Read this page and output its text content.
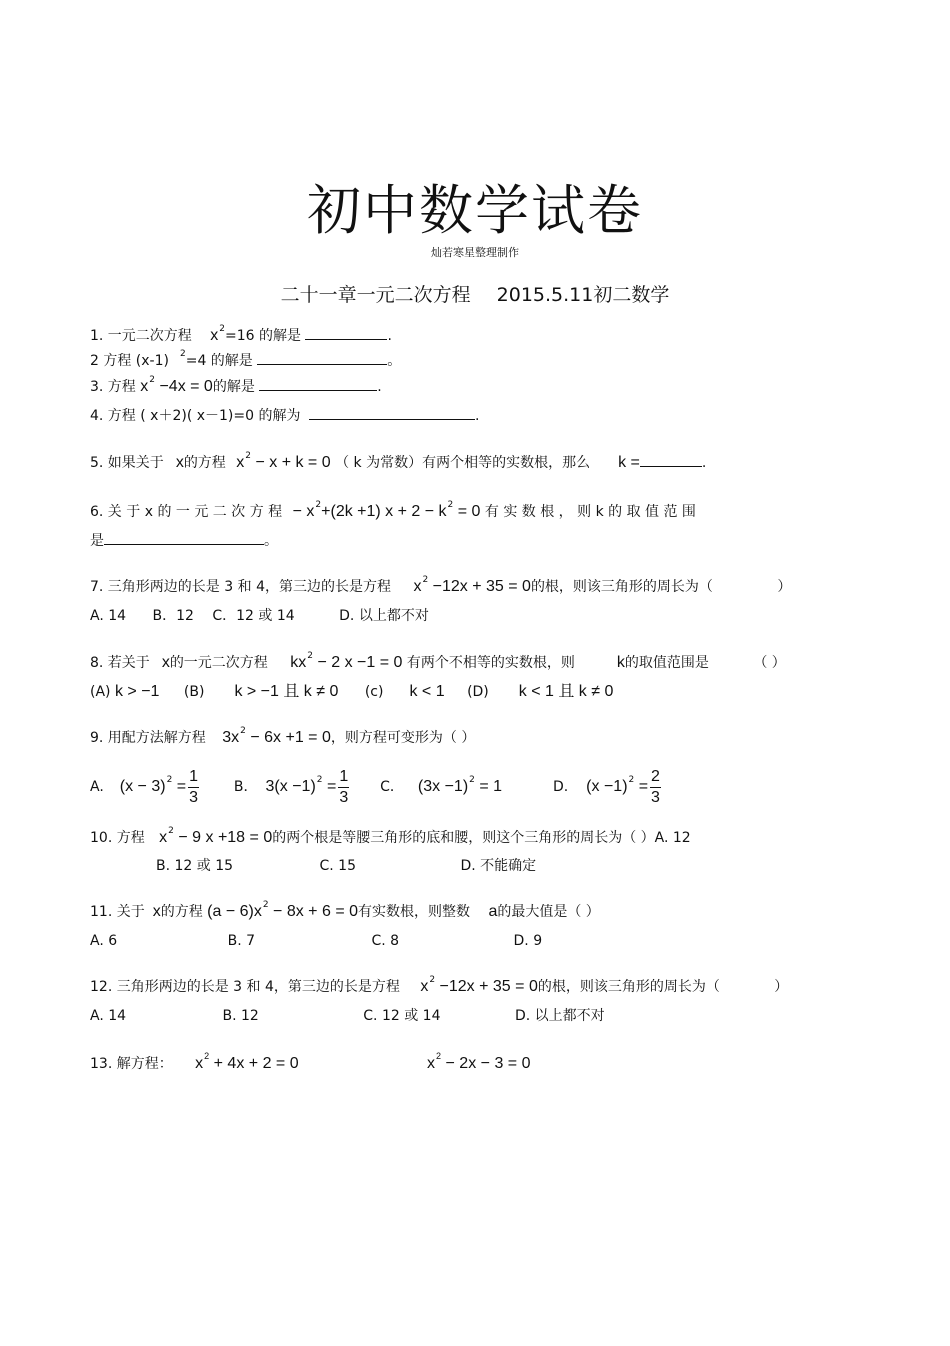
初中数学试卷
灿若寒星整理制作
二十一章一元二次方程 2015.5.11初二数学
1. 一元二次方程 $x^2=16$ 的解是	.
2 方程 (x-1) $^2$=4 的解是	。
3. 方程 $x^2 -4x = 0$的解是	.
4. 方程 ( x＋2)( x－1)=0 的解为	.
5. 如果关于 x的方程 $x^2 - x + k = 0$ （ k 为常数）有两个相等的实数根，那么 k =	.
6. 关 于 x 的 一 元 二 次 方 程 − $x^2+(2k +1) x + 2 - k^2 = 0$ 有 实 数 根 ， 则 k 的 取 值 范 围
是	。
7. 三角形两边的长是 3 和 4，第三边的长是方程 $x^2 -12x + 35 = 0$的根，则该三角形的周长为（	）
A. 14 B．12 C．12 或 14	D. 以上都不对
8. 若关于 x的一元二次方程 $kx^2 - 2$ x −1 = 0 有两个不相等的实数根，则	k的取值范围是	（ ）
(A) k > −1 (B) k > −1 且 k ≠ 0 (c) k < 1 (D) k < 1 且 k ≠ 0
9. 用配方法解方程 $3x^2 - 6x +1 = 0$，则方程可变形为（ ）
A. $(x - 3)^2 = \frac{1}{3}$ B． $3(x -1)^2 = \frac{1}{3}$ C． $(3x -1)^2 = 1$	D. $(x -1)^2 = \frac{2}{3}$
10. 方程 $x^2 - 9$ x +18 = 0的两个根是等腰三角形的底和腰，则这个三角形的周长为（ ）A. 12
B. 12 或 15	C. 15	D. 不能确定
11. 关于 x的方程 $(a - 6)x^2 - 8x + 6 = 0$有实数根，则整数 a的最大值是（ ）
A. 6	B. 7	C. 8	D. 9
12. 三角形两边的长是 3 和 4，第三边的长是方程 $x^2 -12x + 35 = 0$的根，则该三角形的周长为（	）
A. 14	B. 12	C. 12 或 14	D. 以上都不对
13. 解方程： $x^2 + 4x + 2 = 0$	$x^2 - 2x - 3 = 0$
